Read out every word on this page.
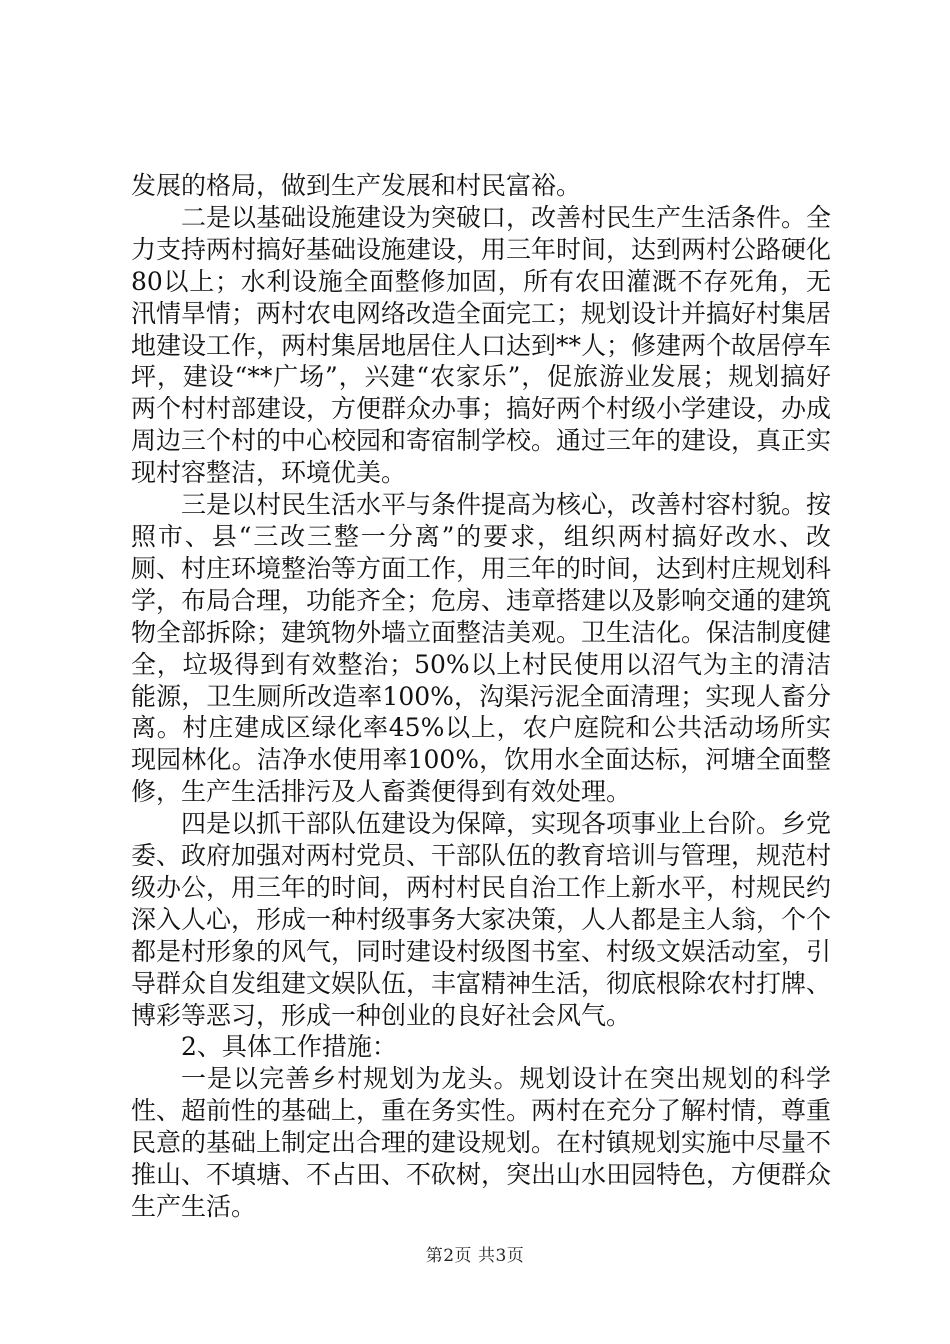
发展的格局，做到生产发展和村民富裕。

二是以基础设施建设为突破口，改善村民生产生活条件。全力支持两村搞好基础设施建设，用三年时间，达到两村公路硬化80以上；水利设施全面整修加固，所有农田灌溉不存死角，无汛情旱情；两村农电网络改造全面完工；规划设计并搞好村集居地建设工作，两村集居地居住人口达到**人；修建两个故居停车坪，建设“**广场”，兴建“农家乐”，促旅游业发展；规划搞好两个村村部建设，方便群众办事；搞好两个村级小学建设，办成周边三个村的中心校园和寄宿制学校。通过三年的建设，真正实现村容整洁，环境优美。

三是以村民生活水平与条件提高为核心，改善村容村貌。按照市、县“三改三整一分离”的要求，组织两村搞好改水、改厕、村庄环境整治等方面工作，用三年的时间，达到村庄规划科学，布局合理，功能齐全；危房、违章搭建以及影响交通的建筑物全部拆除；建筑物外墙立面整洁美观。卫生洁化。保洁制度健全，垃圾得到有效整治；50%以上村民使用以沼气为主的清洁能源，卫生厕所改造率100%，沟渠污泥全面清理；实现人畜分离。村庄建成区绿化率45%以上，农户庭院和公共活动场所实现园林化。洁净水使用率100%，饮用水全面达标，河塘全面整修，生产生活排污及人畜粪便得到有效处理。

四是以抓干部队伍建设为保障，实现各项事业上台阶。乡党委、政府加强对两村党员、干部队伍的教育培训与管理，规范村级办公，用三年的时间，两村村民自治工作上新水平，村规民约深入人心，形成一种村级事务大家决策，人人都是主人翁，个个都是村形象的风气，同时建设村级图书室、村级文娱活动室，引导群众自发组建文娱队伍，丰富精神生活，彻底根除农村打牌、博彩等恶习，形成一种创业的良好社会风气。

2、具体工作措施：

一是以完善乡村规划为龙头。规划设计在突出规划的科学性、超前性的基础上，重在务实性。两村在充分了解村情，尊重民意的基础上制定出合理的建设规划。在村镇规划实施中尽量不推山、不填塘、不占田、不砍树，突出山水田园特色，方便群众生产生活。

第2页 共3页
